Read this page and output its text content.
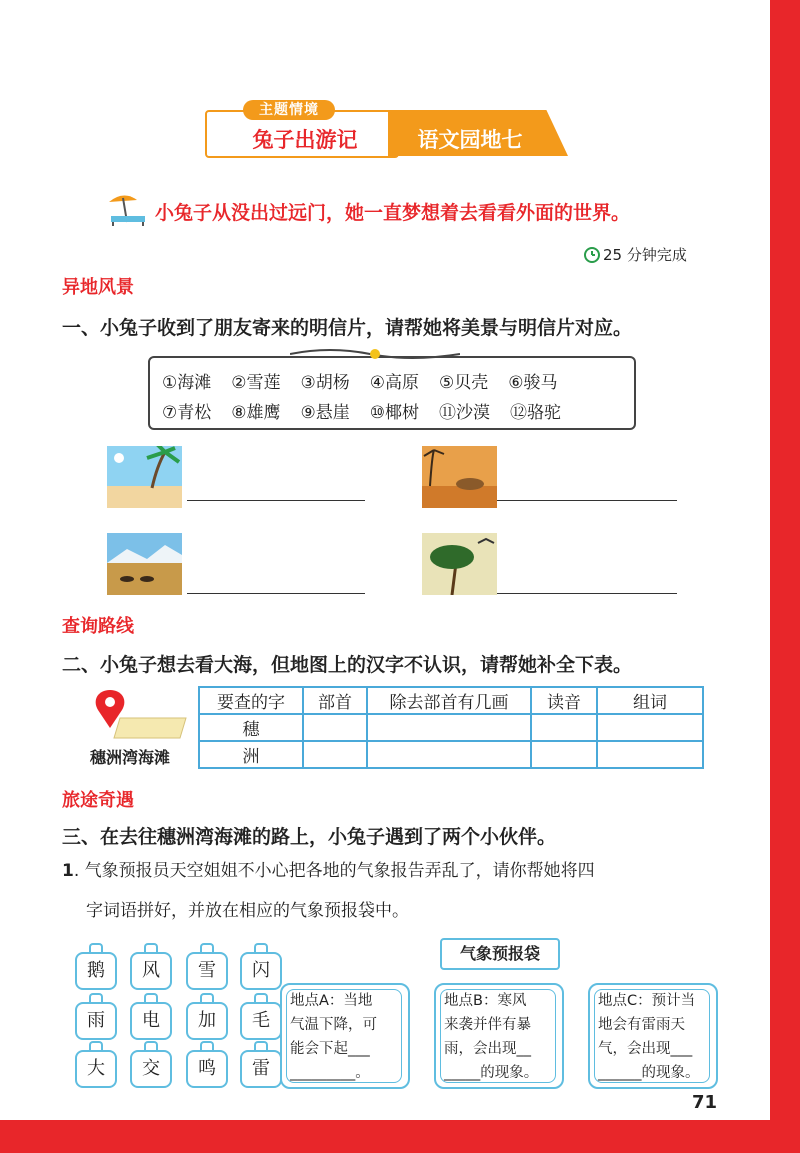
主题情境
兔子出游记	语文园地七
小兔子从没出过远门，她一直梦想着去看看外面的世界。
25 分钟完成
异地风景
一、小兔子收到了朋友寄来的明信片，请帮她将美景与明信片对应。
①海滩 ②雪莲 ③胡杨 ④高原 ⑤贝壳 ⑥骏马
⑦青松 ⑧雄鹰 ⑨悬崖 ⑩椰树 ⑪沙漠 ⑫骆驼
查询路线
二、小兔子想去看大海，但地图上的汉字不认识，请帮她补全下表。
穗洲湾海滩
要查的字	部首	除去部首有几画	读音	组词
穗				
洲				
旅途奇遇
三、在去往穗洲湾海滩的路上，小兔子遇到了两个小伙伴。
1. 气象预报员天空姐姐不小心把各地的气象报告弄乱了，请你帮她将四
字词语拼好，并放在相应的气象预报袋中。
鹅	风	雪	闪
雨	电	加	毛
大	交	鸣	雷
气象预报袋
地点A：当地
气温下降，可
能会下起___
_________。
地点B：寒风
来袭并伴有暴
雨，会出现__
_____的现象。
地点C：预计当
地会有雷雨天
气，会出现___
______的现象。
71
